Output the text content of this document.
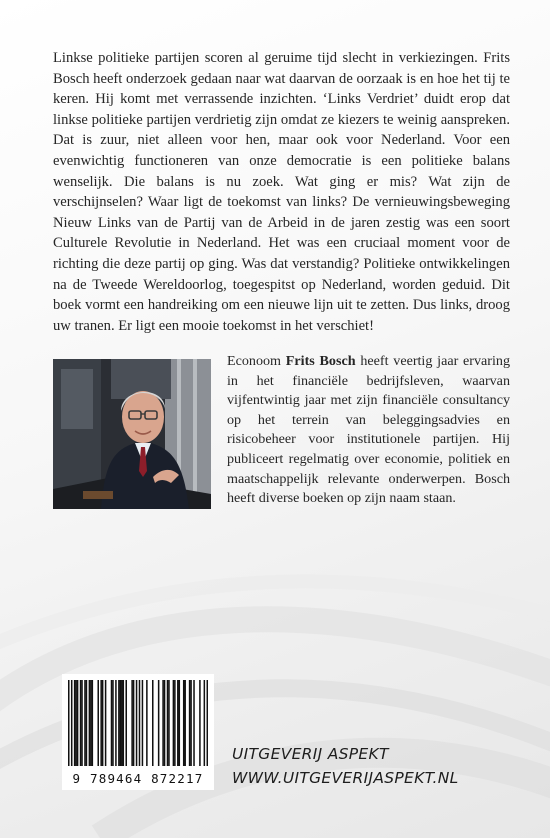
Linkse politieke partijen scoren al geruime tijd slecht in verkiezingen. Frits Bosch heeft onderzoek gedaan naar wat daarvan de oorzaak is en hoe het tij te keren. Hij komt met verrassende inzichten. ‘Links Verdriet’ duidt erop dat linkse politieke partijen verdrietig zijn omdat ze kiezers te weinig aanspreken. Dat is zuur, niet alleen voor hen, maar ook voor Nederland. Voor een evenwichtig functioneren van onze democratie is een politieke balans wenselijk. Die balans is nu zoek. Wat ging er mis? Wat zijn de verschijnselen? Waar ligt de toekomst van links? De vernieuwingsbeweging Nieuw Links van de Partij van de Arbeid in de jaren zestig was een soort Culturele Revolutie in Nederland. Het was een cruciaal moment voor de richting die deze partij op ging. Was dat verstandig? Politieke ontwikkelingen na de Tweede Wereldoorlog, toegespitst op Nederland, worden geduid. Dit boek vormt een handreiking om een nieuwe lijn uit te zetten. Dus links, droog uw tranen. Er ligt een mooie toekomst in het verschiet!

Econoom Frits Bosch heeft veertig jaar ervaring in het financiële bedrijfsleven, waarvan vijfentwintig jaar met zijn financiële consultancy op het terrein van beleggingsadvies en risicobeheer voor institutionele partijen. Hij publiceert regelmatig over economie, politiek en maatschappelijk relevante onderwerpen. Bosch heeft diverse boeken op zijn naam staan.

9 789464 872217
UITGEVERIJ ASPEKT
WWW.UITGEVERIJASPEKT.NL
